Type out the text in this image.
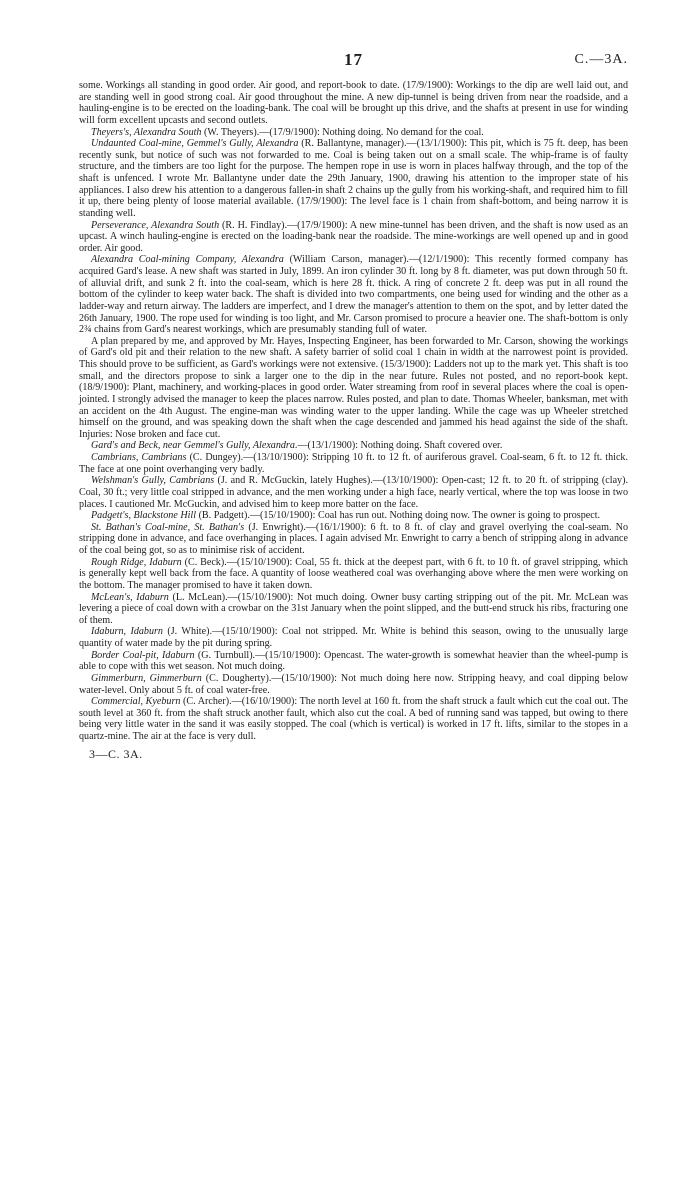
17	C.—3A.

some. Workings all standing in good order. Air good, and report-book to date. (17/9/1900): Workings to the dip are well laid out, and are standing well in good strong coal. Air good throughout the mine. A new dip-tunnel is being driven from near the roadside, and a hauling-engine is to be erected on the loading-bank. The coal will be brought up this drive, and the shafts at present in use for winding will form excellent upcasts and second outlets.

Theyers's, Alexandra South (W. Theyers).—(17/9/1900): Nothing doing. No demand for the coal.

Undaunted Coal-mine, Gemmel's Gully, Alexandra (R. Ballantyne, manager).—(13/1/1900): This pit, which is 75 ft. deep, has been recently sunk, but notice of such was not forwarded to me. Coal is being taken out on a small scale. The whip-frame is of faulty structure, and the timbers are too light for the purpose. The hempen rope in use is worn in places halfway through, and the top of the shaft is unfenced. I wrote Mr. Ballantyne under date the 29th January, 1900, drawing his attention to the improper state of his appliances. I also drew his attention to a dangerous fallen-in shaft 2 chains up the gully from his working-shaft, and required him to fill it up, there being plenty of loose material available. (17/9/1900): The level face is 1 chain from shaft-bottom, and being narrow it is standing well.

Perseverance, Alexandra South (R. H. Findlay).—(17/9/1900): A new mine-tunnel has been driven, and the shaft is now used as an upcast. A winch hauling-engine is erected on the loading-bank near the roadside. The mine-workings are well opened up and in good order. Air good.

Alexandra Coal-mining Company, Alexandra (William Carson, manager).—(12/1/1900): This recently formed company has acquired Gard's lease. A new shaft was started in July, 1899. An iron cylinder 30 ft. long by 8 ft. diameter, was put down through 50 ft. of alluvial drift, and sunk 2 ft. into the coal-seam, which is here 28 ft. thick. A ring of concrete 2 ft. deep was put in all round the bottom of the cylinder to keep water back. The shaft is divided into two compartments, one being used for winding and the other as a ladder-way and return airway. The ladders are imperfect, and I drew the manager's attention to them on the spot, and by letter dated the 26th January, 1900. The rope used for winding is too light, and Mr. Carson promised to procure a heavier one. The shaft-bottom is only 2¾ chains from Gard's nearest workings, which are presumably standing full of water.

A plan prepared by me, and approved by Mr. Hayes, Inspecting Engineer, has been forwarded to Mr. Carson, showing the workings of Gard's old pit and their relation to the new shaft. A safety barrier of solid coal 1 chain in width at the narrowest point is provided. This should prove to be sufficient, as Gard's workings were not extensive. (15/3/1900): Ladders not up to the mark yet. This shaft is too small, and the directors propose to sink a larger one to the dip in the near future. Rules not posted, and no report-book kept. (18/9/1900): Plant, machinery, and working-places in good order. Water streaming from roof in several places where the coal is open-jointed. I strongly advised the manager to keep the places narrow. Rules posted, and plan to date. Thomas Wheeler, banksman, met with an accident on the 4th August. The engine-man was winding water to the upper landing. While the cage was up Wheeler stretched himself on the ground, and was speaking down the shaft when the cage descended and jammed his head against the side of the shaft. Injuries: Nose broken and face cut.

Gard's and Beck, near Gemmel's Gully, Alexandra.—(13/1/1900): Nothing doing. Shaft covered over.

Cambrians, Cambrians (C. Dungey).—(13/10/1900): Stripping 10 ft. to 12 ft. of auriferous gravel. Coal-seam, 6 ft. to 12 ft. thick. The face at one point overhanging very badly.

Welshman's Gully, Cambrians (J. and R. McGuckin, lately Hughes).—(13/10/1900): Open-cast; 12 ft. to 20 ft. of stripping (clay). Coal, 30 ft.; very little coal stripped in advance, and the men working under a high face, nearly vertical, where the top was loose in two places. I cautioned Mr. McGuckin, and advised him to keep more batter on the face.

Padgett's, Blackstone Hill (B. Padgett).—(15/10/1900): Coal has run out. Nothing doing now. The owner is going to prospect.

St. Bathan's Coal-mine, St. Bathan's (J. Enwright).—(16/1/1900): 6 ft. to 8 ft. of clay and gravel overlying the coal-seam. No stripping done in advance, and face overhanging in places. I again advised Mr. Enwright to carry a bench of stripping along in advance of the coal being got, so as to minimise risk of accident.

Rough Ridge, Idaburn (C. Beck).—(15/10/1900): Coal, 55 ft. thick at the deepest part, with 6 ft. to 10 ft. of gravel stripping, which is generally kept well back from the face. A quantity of loose weathered coal was overhanging above where the men were working on the bottom. The manager promised to have it taken down.

McLean's, Idaburn (L. McLean).—(15/10/1900): Not much doing. Owner busy carting stripping out of the pit. Mr. McLean was levering a piece of coal down with a crowbar on the 31st January when the point slipped, and the butt-end struck his ribs, fracturing one of them.

Idaburn, Idaburn (J. White).—(15/10/1900): Coal not stripped. Mr. White is behind this season, owing to the unusually large quantity of water made by the pit during spring.

Border Coal-pit, Idaburn (G. Turnbull).—(15/10/1900): Opencast. The water-growth is somewhat heavier than the wheel-pump is able to cope with this wet season. Not much doing.

Gimmerburn, Gimmerburn (C. Dougherty).—(15/10/1900): Not much doing here now. Stripping heavy, and coal dipping below water-level. Only about 5 ft. of coal water-free.

Commercial, Kyeburn (C. Archer).—(16/10/1900): The north level at 160 ft. from the shaft struck a fault which cut the coal out. The south level at 360 ft. from the shaft struck another fault, which also cut the coal. A bed of running sand was tapped, but owing to there being very little water in the sand it was easily stopped. The coal (which is vertical) is worked in 17 ft. lifts, similar to the stopes in a quartz-mine. The air at the face is very dull.

3—C. 3A.
